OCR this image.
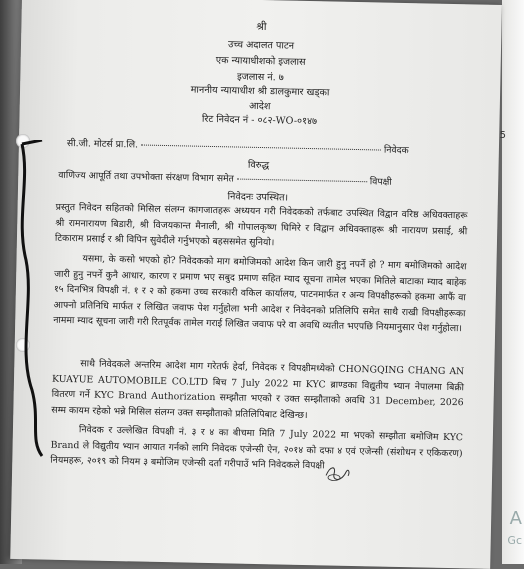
श्री
उच्च अदालत पाटन
एक न्यायाधीशको इजलास
इजलास नं. ७
माननीय न्यायाधीश श्री डालकुमार खड्का
आदेश
रिट निवेदन नं - ०८२-WO-०१४७
सी.जी. मोटर्स प्रा.लि.	निवेदक
विरुद्ध
वाणिज्य आपूर्ति तथा उपभोक्ता संरक्षण विभाग समेत	विपक्षी
निवेदनः उपस्थित।
प्रस्तुत निवेदन सहितको मिसिल संलग्न कागजातहरू अध्ययन गरी निवेदकको तर्फबाट उपस्थित विद्वान वरिष्ठ अधिवक्ताहरू श्री रामनारायण बिडारी, श्री विजयकान्त मैनाली, श्री गोपालकृष्ण घिमिरे र विद्वान अधिवक्ताहरू श्री नारायण प्रसाई, श्री टिकाराम प्रसाई र श्री विपिन सुवेदीले गर्नुभएको बहससमेत सुनियो।
यसमा, के कसो भएको हो? निवेदकको माग बमोजिमको आदेश किन जारी हुनु नपर्ने हो ? माग बमोजिमको आदेश जारी हुनु नपर्ने कुनै आधार, कारण र प्रमाण भए सबुद प्रमाण सहित म्याद सूचना तामेल भएका मितिले बाटाका म्याद बाहेक १५ दिनभित्र विपक्षी नं. १ र २ को हकमा उच्च सरकारी वकिल कार्यालय, पाटनमार्फत र अन्य विपक्षीहरूको हकमा आफैं वा आफ्नो प्रतिनिधि मार्फत र लिखित जवाफ पेश गर्नुहोला भनी आदेश र निवेदनको प्रतिलिपि समेत साथै राखी विपक्षीहरूका नाममा म्याद सूचना जारी गरी रितपूर्वक तामेल गराई लिखित जवाफ परे वा अवधि व्यतीत भएपछि नियमानुसार पेश गर्नुहोला।
साथै निवेदकले अन्तरिम आदेश माग गरेतर्फ हेर्दा, निवेदक र विपक्षीमध्येको CHONGQING CHANG AN KUAYUE AUTOMOBILE CO.LTD बिच 7 July 2022 मा KYC ब्राण्डका विद्युतीय भ्यान नेपालमा बिक्री वितरण गर्ने KYC Brand Authorization सम्झौता भएको र उक्त सम्झौताको अवधि 31 December, 2026 सम्म कायम रहेको भन्ने मिसिल संलग्न उक्त सम्झौताको प्रतिलिपिबाट देखिन्छ।
निवेदक र उल्लेखित विपक्षी नं. ३ र ४ का बीचमा मिति 7 July 2022 मा भएको सम्झौता बमोजिम KYC Brand ले विद्युतीय भ्यान आयात गर्नको लागि निवेदक एजेन्सी ऐन, २०१४ को दफा ४ एवं एजेन्सी (संशोधन र एकिकरण) नियमहरू, २०१९ को नियम ३ बमोजिम एजेन्सी दर्ता गरीपाउँ भनि निवेदकले विपक्षी
5
A
Gc
